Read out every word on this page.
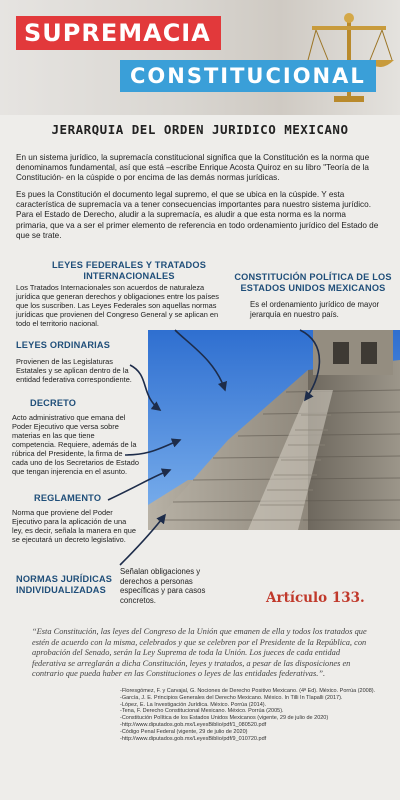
SUPREMACIA
CONSTITUCIONAL
JERARQUIA DEL ORDEN JURIDICO MEXICANO
En un sistema jurídico, la supremacía constitucional significa que la Constitución es la norma que denominamos fundamental, así que está –escribe Enrique Acosta Quiroz en su libro "Teoría de la Constitución- en la cúspide o por encima de las demás normas jurídicas.
Es pues la Constitución el documento legal supremo, el que se ubica en la cúspide. Y esta característica de supremacía va a tener consecuencias importantes para nuestro sistema jurídico. Para el Estado de Derecho, aludir a la supremacía, es aludir a que esta norma es la norma primaria, que va a ser el primer elemento de referencia en todo ordenamiento jurídico del Estado de que se trate.
LEYES FEDERALES Y TRATADOS INTERNACIONALES
Los Tratados Internacionales son acuerdos de naturaleza jurídica que generan derechos y obligaciones entre los países que los suscriben. Las Leyes Federales son aquellas normas jurídicas que provienen del Congreso General y se aplican en todo el territorio nacional.
CONSTITUCIÓN POLÍTICA DE LOS ESTADOS UNIDOS MEXICANOS
Es el ordenamiento jurídico de mayor jerarquía en nuestro país.
LEYES ORDINARIAS
Provienen de las Legislaturas Estatales y se aplican dentro de la entidad federativa correspondiente.
DECRETO
Acto administrativo que emana del Poder Ejecutivo que versa sobre materias en las que tiene competencia. Requiere, además de la rúbrica del Presidente, la firma de cada uno de los Secretarios de Estado que tengan injerencia en el asunto.
REGLAMENTO
Norma que proviene del Poder Ejecutivo para la aplicación de una ley, es decir, señala la manera en que se ejecutará un decreto legislativo.
NORMAS JURÍDICAS INDIVIDUALIZADAS
Señalan obligaciones y derechos a personas específicas y para casos concretos.	Artículo 133.
“Esta Constitución, las leyes del Congreso de la Unión que emanen de ella y todos los tratados que estén de acuerdo con la misma, celebrados y que se celebren por el Presidente de la República, con aprobación del Senado, serán la Ley Suprema de toda la Unión. Los jueces de cada entidad federativa se arreglarán a dicha Constitución, leyes y tratados, a pesar de las disposiciones en contrario que pueda haber en las Constituciones o leyes de las entidades federativas.”.
-Floresgómez, F. y Carvajal, G. Nociones de Derecho Positivo Mexicano. (4ª Ed). México. Porrúa (2008).
-García, J. E. Principios Generales del Derecho Mexicano. México. In Tilli In Tlapalli (2017).
-López, E. La Investigación Jurídica. México. Porrúa (2014).
-Tena, F. Derecho Constitucional Mexicano. México. Porrúa (2005).
-Constitución Política de los Estados Unidos Mexicanos (vigente, 29 de julio de 2020)
-http://www.diputados.gob.mx/LeyesBiblio/pdf/1_080520.pdf
-Código Penal Federal (vigente, 29 de julio de 2020)
-http://www.diputados.gob.mx/LeyesBiblio/pdf/9_010720.pdf
